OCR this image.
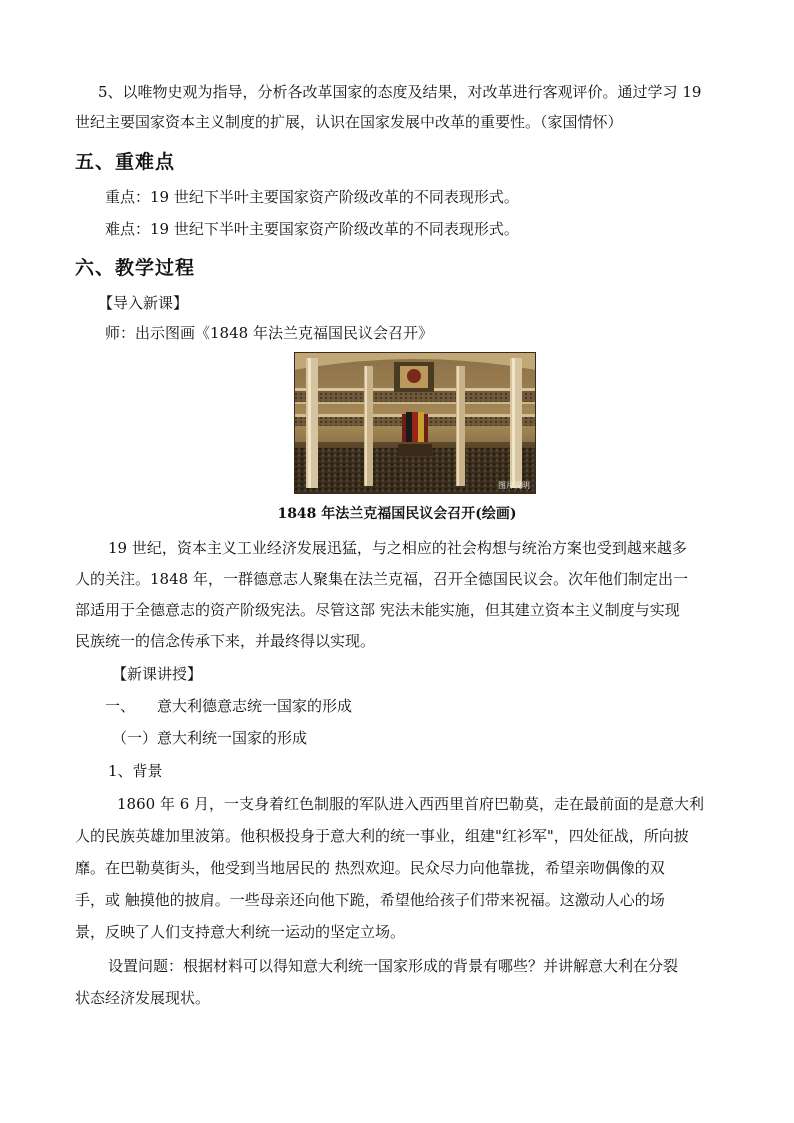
5、以唯物史观为指导，分析各改革国家的态度及结果，对改革进行客观评价。通过学习 19
世纪主要国家资本主义制度的扩展，认识在国家发展中改革的重要性。（家国情怀）
五、重难点
重点：19 世纪下半叶主要国家资产阶级改革的不同表现形式。
难点：19 世纪下半叶主要国家资产阶级改革的不同表现形式。
六、教学过程
【导入新课】
师：出示图画《1848 年法兰克福国民议会召开》
图片说明
1848 年法兰克福国民议会召开(绘画)
19 世纪，资本主义工业经济发展迅猛，与之相应的社会构想与统治方案也受到越来越多
人的关注。1848 年，一群德意志人聚集在法兰克福，召开全德国民议会。次年他们制定出一
部适用于全德意志的资产阶级宪法。尽管这部 宪法未能实施，但其建立资本主义制度与实现
民族统一的信念传承下来，并最终得以实现。
【新课讲授】
一、 意大利德意志统一国家的形成
（一）意大利统一国家的形成
1、背景
1860 年 6 月，一支身着红色制服的军队进入西西里首府巴勒莫，走在最前面的是意大利
人的民族英雄加里波第。他积极投身于意大利的统一事业，组建"红衫军"，四处征战，所向披
靡。在巴勒莫街头，他受到当地居民的 热烈欢迎。民众尽力向他靠拢，希望亲吻偶像的双
手，或 触摸他的披肩。一些母亲还向他下跪，希望他给孩子们带来祝福。这激动人心的场
景，反映了人们支持意大利统一运动的坚定立场。
设置问题：根据材料可以得知意大利统一国家形成的背景有哪些？并讲解意大利在分裂
状态经济发展现状。
